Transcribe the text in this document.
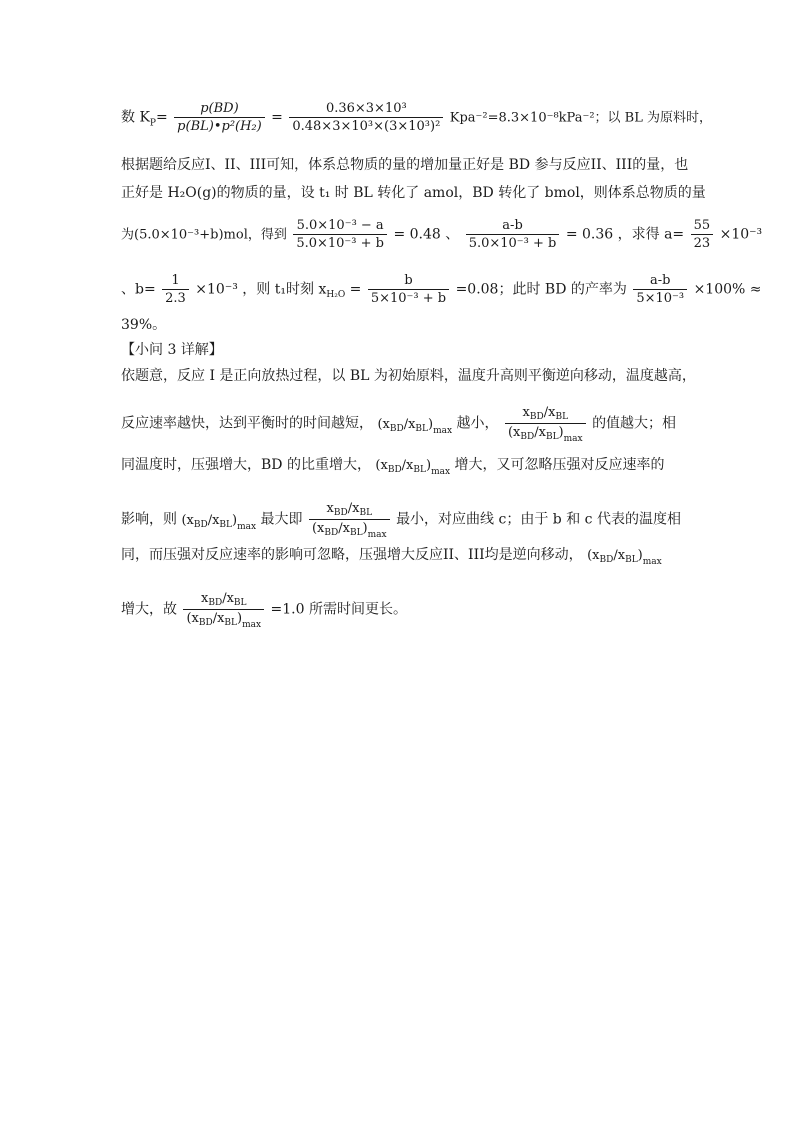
数 $K_P= \frac{p(BD)}{\text{p(BL)•p²(H₂)}} = \frac{\text{0.36×3×10³}}{\text{0.48×3×10³×(3×10³)²}} Kpa^{-2}=8.3\times 10^{-8}kPa^{-2}$；以 BL 为原料时，
根据题给反应I、II、III可知，体系总物质的量的增加量正好是 BD 参与反应II、III的量，也
正好是 H₂O(g)的物质的量，设 t₁ 时 BL 转化了 amol，BD 转化了 bmol，则体系总物质的量
为(5.0×10⁻³+b)mol，得到 $\frac{\text{5.0×10⁻³ − a}}{\text{5.0×10⁻³ + b}} = 0.48$ 、 $\frac{a-b}{\text{5.0×10⁻³ + b}} = 0.36$ ，求得 $a= \frac{55}{23} \times 10^{-3}$
、$b= \frac{1}{2.3} \times 10^{-3}$ ，则 t₁时刻 $x_{H_2O} = \frac{b}{\text{5×10⁻³ + b}} =0.08$；此时 BD 的产率为 $\frac{a-b}{\text{5×10⁻³}} \times 100\%$ ≈
39%。
【小问 3 详解】
依题意，反应 I 是正向放热过程，以 BL 为初始原料，温度升高则平衡逆向移动，温度越高，
反应速率越快，达到平衡时的时间越短， $(x_{BD}/x_{BL})_{max}$ 越小， $\frac{x_{BD}/x_{BL}}{(x_{BD}/x_{BL})_{max}}$ 的值越大；相
同温度时，压强增大，BD 的比重增大， $(x_{BD}/x_{BL})_{max}$ 增大，又可忽略压强对反应速率的
影响，则 $(x_{BD}/x_{BL})_{max}$ 最大即 $\frac{x_{BD}/x_{BL}}{(x_{BD}/x_{BL})_{max}}$ 最小，对应曲线 c；由于 b 和 c 代表的温度相
同，而压强对反应速率的影响可忽略，压强增大反应II、III均是逆向移动， $(x_{BD}/x_{BL})_{max}$
增大，故 $\frac{x_{BD}/x_{BL}}{(x_{BD}/x_{BL})_{max}} =1.0$ 所需时间更长。
